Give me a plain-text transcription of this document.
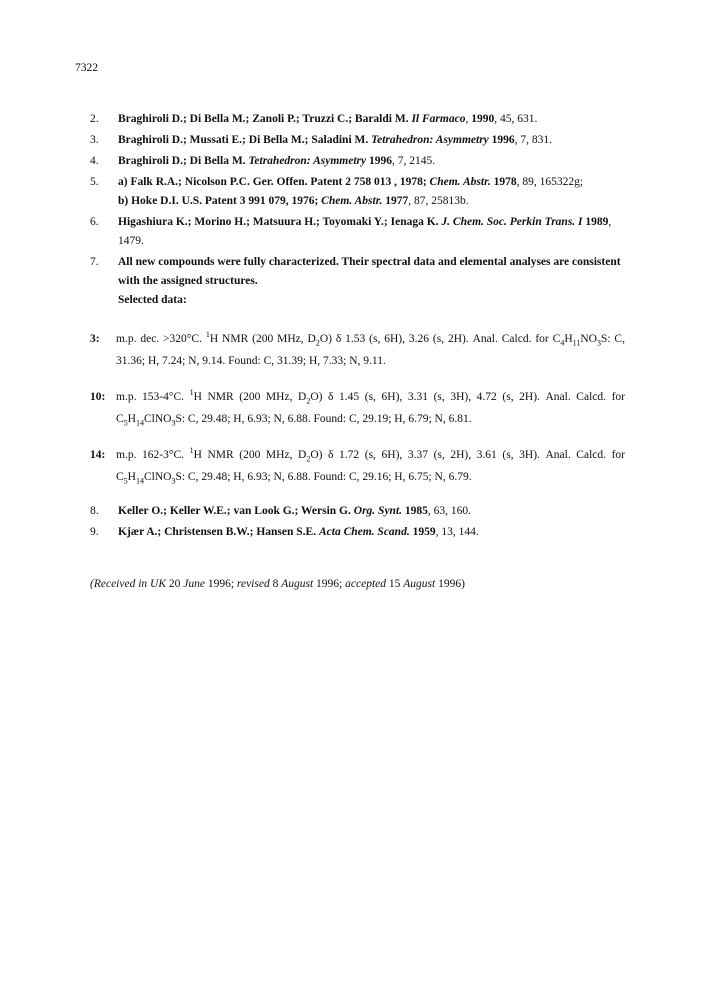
7322
2. Braghiroli D.; Di Bella M.; Zanoli P.; Truzzi C.; Baraldi M. Il Farmaco, 1990, 45, 631.
3. Braghiroli D.; Mussati E.; Di Bella M.; Saladini M. Tetrahedron: Asymmetry 1996, 7, 831.
4. Braghiroli D.; Di Bella M. Tetrahedron: Asymmetry 1996, 7, 2145.
5. a) Falk R.A.; Nicolson P.C. Ger. Offen. Patent 2 758 013 , 1978; Chem. Abstr. 1978, 89, 165322g;
b) Hoke D.I. U.S. Patent 3 991 079, 1976; Chem. Abstr. 1977, 87, 25813b.
6. Higashiura K.; Morino H.; Matsuura H.; Toyomaki Y.; Ienaga K. J. Chem. Soc. Perkin Trans. I 1989, 1479.
7. All new compounds were fully characterized. Their spectral data and elemental analyses are consistent with the assigned structures.
Selected data:
3: m.p. dec. >320°C. $^1$H NMR (200 MHz, $D_2O$) δ 1.53 (s, 6H), 3.26 (s, 2H). Anal. Calcd. for $C_4H_{11}NO_3S$: C, 31.36; H, 7.24; N, 9.14. Found: C, 31.39; H, 7.33; N, 9.11.
10: m.p. 153-4°C. $^1$H NMR (200 MHz, $D_2O$) δ 1.45 (s, 6H), 3.31 (s, 3H), 4.72 (s, 2H). Anal. Calcd. for $C_5H_{14}ClNO_3S$: C, 29.48; H, 6.93; N, 6.88. Found: C, 29.19; H, 6.79; N, 6.81.
14: m.p. 162-3°C. $^1$H NMR (200 MHz, $D_2O$) δ 1.72 (s, 6H), 3.37 (s, 2H), 3.61 (s, 3H). Anal. Calcd. for $C_5H_{14}ClNO_3S$: C, 29.48; H, 6.93; N, 6.88. Found: C, 29.16; H, 6.75; N, 6.79.
8. Keller O.; Keller W.E.; van Look G.; Wersin G. Org. Synt. 1985, 63, 160.
9. Kjær A.; Christensen B.W.; Hansen S.E. Acta Chem. Scand. 1959, 13, 144.
(Received in UK 20 June 1996; revised 8 August 1996; accepted 15 August 1996)
